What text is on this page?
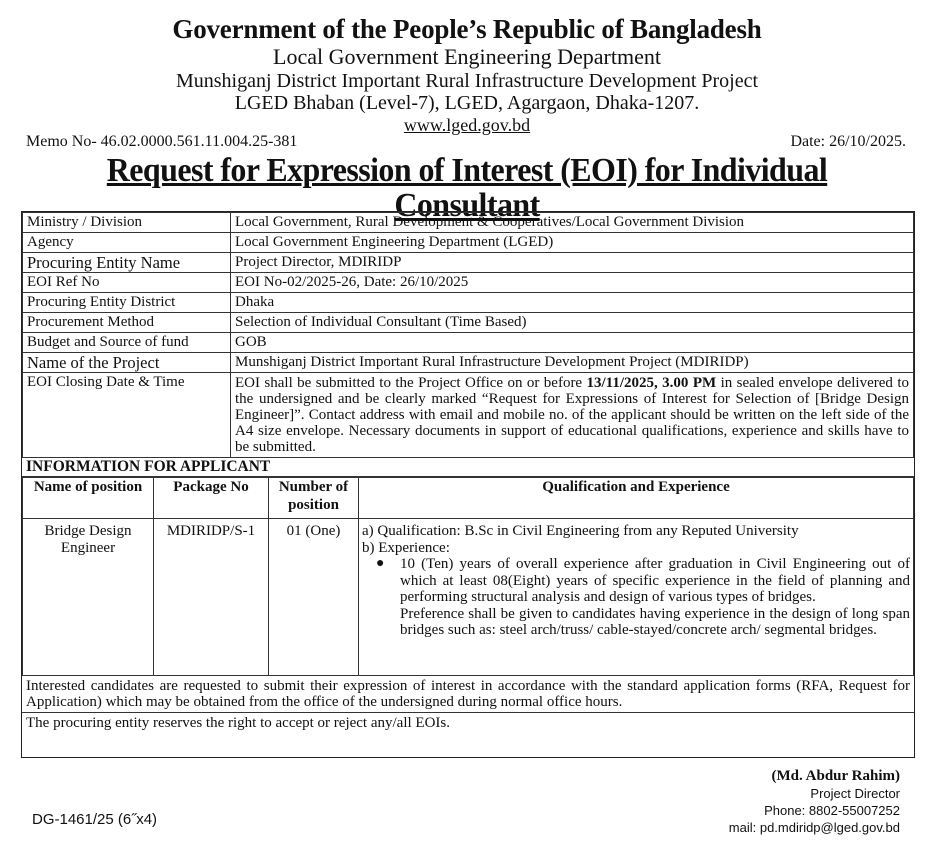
Government of the People’s Republic of Bangladesh
Local Government Engineering Department
Munshiganj District Important Rural Infrastructure Development Project
LGED Bhaban (Level-7), LGED, Agargaon, Dhaka-1207.
www.lged.gov.bd
Memo No- 46.02.0000.561.11.004.25-381	Date: 26/10/2025.
Request for Expression of Interest (EOI) for Individual Consultant
Ministry / Division	Local Government, Rural Development & Cooperatives/Local Government Division
Agency	Local Government Engineering Department (LGED)
Procuring Entity Name	Project Director, MDIRIDP
EOI Ref No	EOI No-02/2025-26, Date: 26/10/2025
Procuring Entity District	Dhaka
Procurement Method	Selection of Individual Consultant (Time Based)
Budget and Source of fund	GOB
Name of the Project	Munshiganj District Important Rural Infrastructure Development Project (MDIRIDP)
EOI Closing Date & Time	EOI shall be submitted to the Project Office on or before 13/11/2025, 3.00 PM in sealed envelope delivered to the undersigned and be clearly marked “Request for Expressions of Interest for Selection of [Bridge Design Engineer]”. Contact address with email and mobile no. of the applicant should be written on the left side of the A4 size envelope. Necessary documents in support of educational qualifications, experience and skills have to be submitted.
INFORMATION FOR APPLICANT
Name of position	Package No	Number of position	Qualification and Experience
Bridge Design Engineer	MDIRIDP/S-1	01 (One)	a) Qualification: B.Sc in Civil Engineering from any Reputed University

b) Experience:

● 10 (Ten) years of overall experience after graduation in Civil Engineering out of which at least 08(Eight) years of specific experience in the field of planning and performing structural analysis and design of various types of bridges.

Preference shall be given to candidates having experience in the design of long span bridges such as: steel arch/truss/ cable-stayed/concrete arch/ segmental bridges.

Interested candidates are requested to submit their expression of interest in accordance with the standard application forms (RFA, Request for Application) which may be obtained from the office of the undersigned during normal office hours.
The procuring entity reserves the right to accept or reject any/all EOIs.
(Md. Abdur Rahim)
Project Director
Phone: 8802-55007252
mail: pd.mdiridp@lged.gov.bd
DG-1461/25 (6˝x4)
